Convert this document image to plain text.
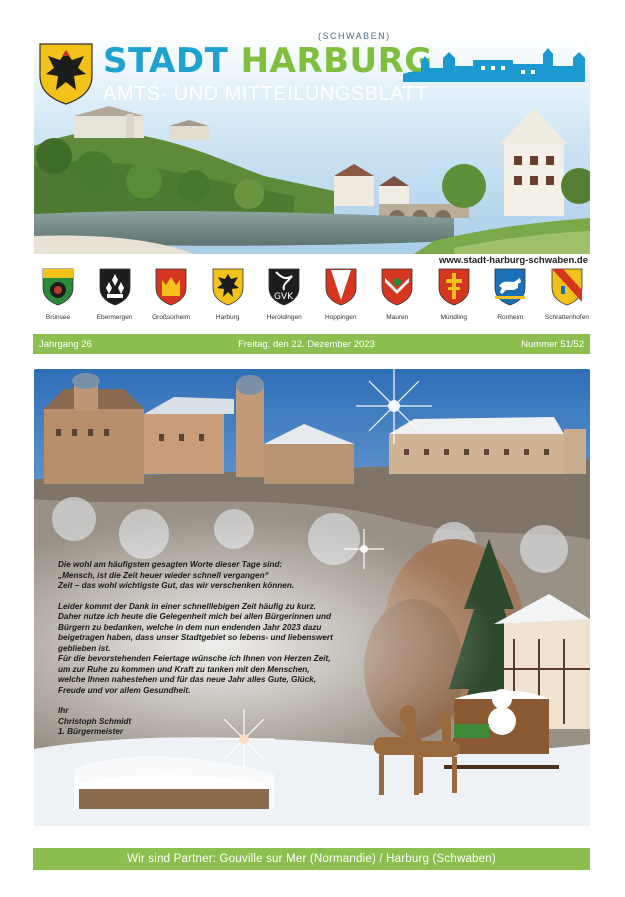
STADT HARBURG
(SCHWABEN)
AMTS- UND MITTEILUNGSBLATT
www.stadt-harburg-schwaben.de
Brünsee	Ebermergen	Großsorheim	Harburg
GVK
Heroldingen	Hoppingen	Mauren	Mündling	Ronheim	Schrattenhofen
Jahrgang 26	Freitag, den 22. Dezember 2023	Nummer 51/52

Die wohl am häufigsten gesagten Worte dieser Tage sind:

„Mensch, ist die Zeit heuer wieder schnell vergangen“

Zeit – das wohl wichtigste Gut, das wir verschenken können.

Leider kommt der Dank in einer schnelllebigen Zeit häufig zu kurz.

Daher nutze ich heute die Gelegenheit mich bei allen Bürgerinnen und

Bürgern zu bedanken, welche in dem nun endenden Jahr 2023 dazu

beigetragen haben, dass unser Stadtgebiet so lebens- und liebenswert

geblieben ist.

Für die bevorstehenden Feiertage wünsche ich Ihnen von Herzen Zeit,

um zur Ruhe zu kommen und Kraft zu tanken mit den Menschen,

welche Ihnen nahestehen und für das neue Jahr alles Gute, Glück,

Freude und vor allem Gesundheit.

Ihr

Christoph Schmidt

1. Bürgermeister

Wir sind Partner: Gouville sur Mer (Normandie) / Harburg (Schwaben)
